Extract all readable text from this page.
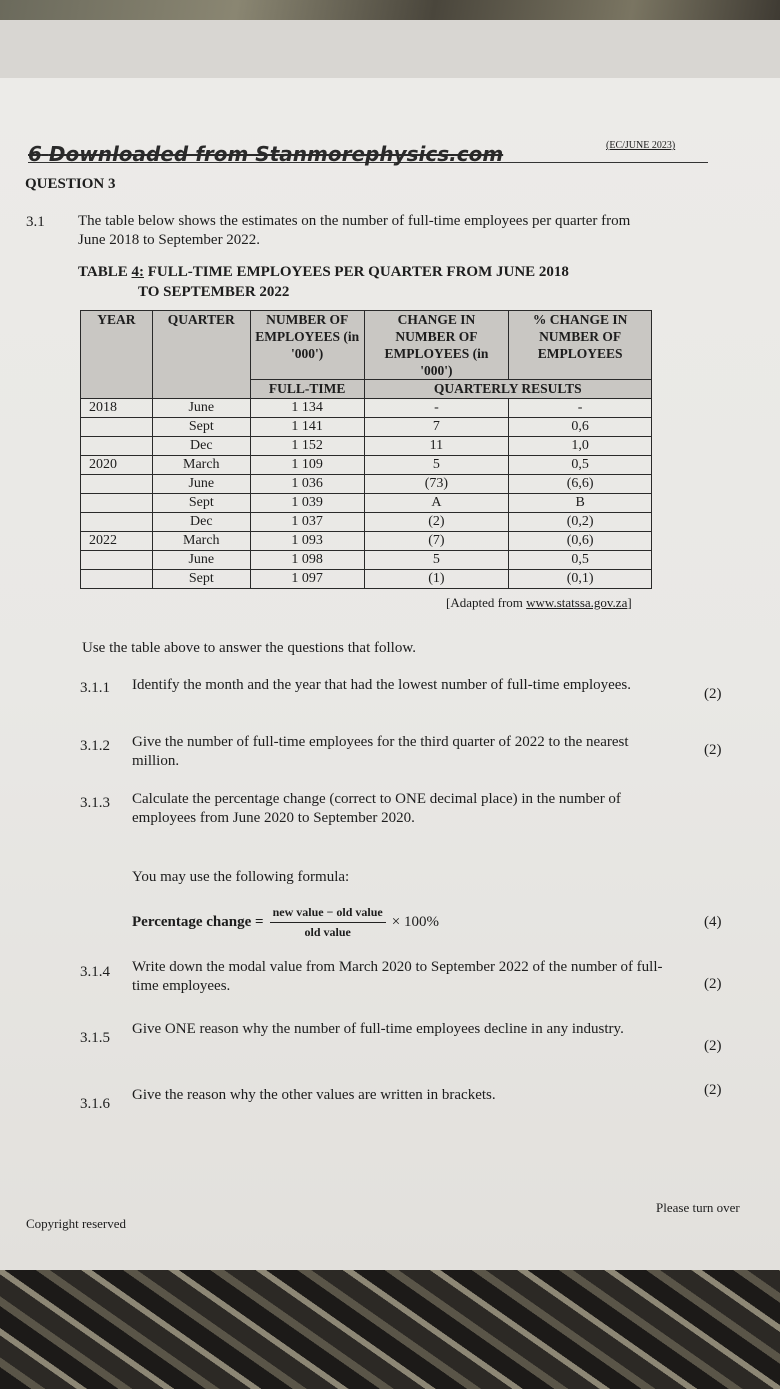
6 Downloaded from Stanmorephysics.com	(EC/JUNE 2023)
QUESTION 3
3.1 The table below shows the estimates on the number of full-time employees per quarter from June 2018 to September 2022.
TABLE 4: FULL-TIME EMPLOYEES PER QUARTER FROM JUNE 2018
TO SEPTEMBER 2022
YEAR	QUARTER	NUMBER OF EMPLOYEES (in '000')	CHANGE IN NUMBER OF EMPLOYEES (in '000')	% CHANGE IN NUMBER OF EMPLOYEES
		FULL-TIME	QUARTERLY RESULTS	
2018	June	1 134	-	-
	Sept	1 141	7	0,6
	Dec	1 152	11	1,0
2020	March	1 109	5	0,5
	June	1 036	(73)	(6,6)
	Sept	1 039	A	B
	Dec	1 037	(2)	(0,2)
2022	March	1 093	(7)	(0,6)
	June	1 098	5	0,5
	Sept	1 097	(1)	(0,1)
[Adapted from www.statssa.gov.za]
Use the table above to answer the questions that follow.
3.1.1 Identify the month and the year that had the lowest number of full-time employees.
(2)
3.1.2 Give the number of full-time employees for the third quarter of 2022 to the nearest million.
(2)
3.1.3 Calculate the percentage change (correct to ONE decimal place) in the number of employees from June 2020 to September 2020.
You may use the following formula:
Percentage change = $\frac{\text{new value − old value}}{\text{old value}} \times 100\%$	(4)
3.1.4 Write down the modal value from March 2020 to September 2022 of the number of full-time employees.	(2)
3.1.5
Give ONE reason why the number of full-time employees decline in any industry.
(2)
3.1.6
Give the reason why the other values are written in brackets.	(2)
Copyright reserved
Please turn over
